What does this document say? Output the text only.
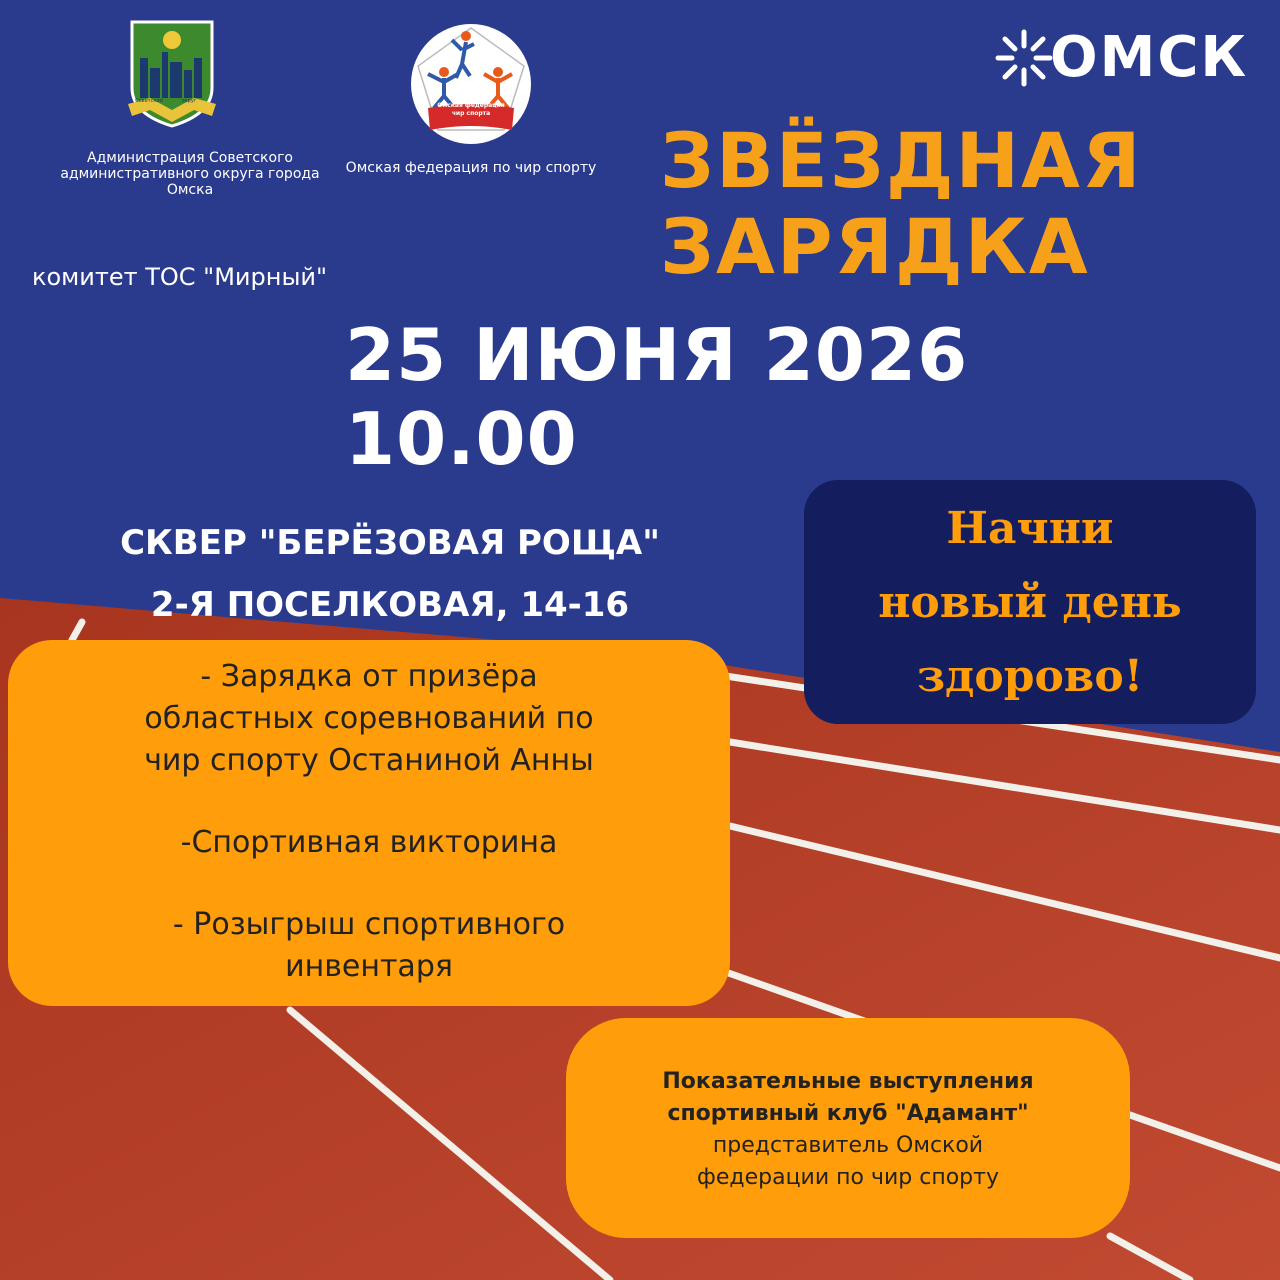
Советский	округ
Администрация Советского административного округа города Омска
Омская федерация
чир спорта
Омская федерация по чир спорту
ОМСК
комитет ТОС "Мирный"
ЗВЁЗДНАЯ
ЗАРЯДКА
25 ИЮНЯ 2026
10.00
СКВЕР "БЕРЁЗОВАЯ РОЩА"
2-Я ПОСЕЛКОВАЯ, 14-16
Начни
новый день
здорово!
- Зарядка от призёра
областных соревнований по
чир спорту Останиной Анны
-Спортивная викторина
- Розыгрыш спортивного
инвентаря
Показательные выступления
спортивный клуб "Адамант"
представитель Омской
федерации по чир спорту
